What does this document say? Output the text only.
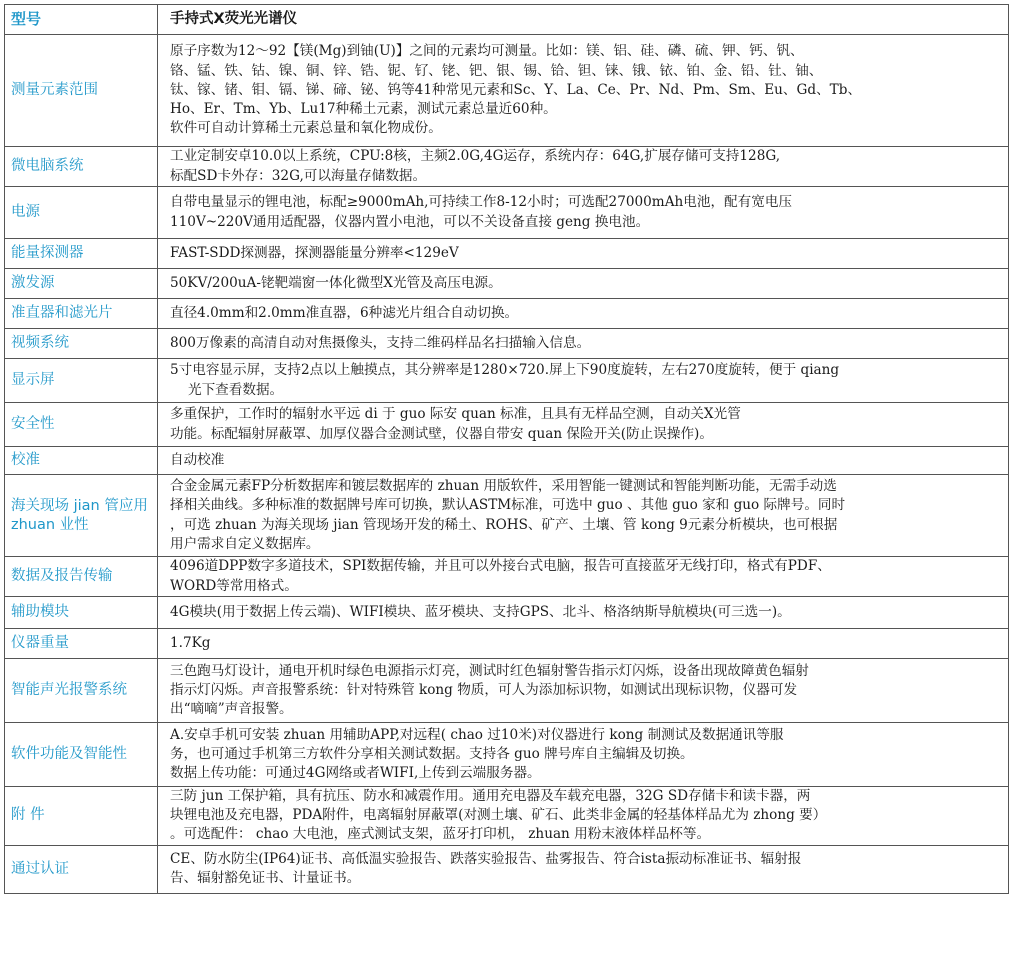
型号	手持式X荧光光谱仪
测量元素范围	原子序数为12～92【镁(Mg)到铀(U)】之间的元素均可测量。比如：镁、铝、硅、磷、硫、钾、钙、钒、
铬、锰、铁、钴、镍、铜、锌、锆、铌、钌、铑、钯、银、锡、铪、钽、铼、锇、铱、铂、金、铅、钍、铀、
钛、镓、锗、钼、镉、锑、碲、铋、钨等41种常见元素和Sc、Y、La、Ce、Pr、Nd、Pm、Sm、Eu、Gd、Tb、
Ho、Er、Tm、Yb、Lu17种稀土元素，测试元素总量近60种。
软件可自动计算稀土元素总量和氧化物成份。

微电脑系统	工业定制安卓10.0以上系统，CPU:8核，主频2.0G,4G运存，系统内存：64G,扩展存储可支持128G,
标配SD卡外存：32G,可以海量存储数据。

电源	自带电量显示的锂电池，标配≥9000mAh,可持续工作8-12小时；可选配27000mAh电池，配有宽电压
110V~220V通用适配器，仪器内置小电池，可以不关设备直接 geng 换电池。

能量探测器	FAST-SDD探测器，探测器能量分辨率<129eV

激发源	50KV/200uA-铑靶端窗一体化微型X光管及高压电源。

准直器和滤光片	直径4.0mm和2.0mm准直器，6种滤光片组合自动切换。

视频系统	800万像素的高清自动对焦摄像头，支持二维码样品名扫描输入信息。

显示屏	5寸电容显示屏，支持2点以上触摸点，其分辨率是1280×720.屏上下90度旋转，左右270度旋转，便于 qiang
光下查看数据。

安全性	多重保护，工作时的辐射水平远 di 于 guo 际安 quan 标准，且具有无样品空测，自动关X光管
功能。标配辐射屏蔽罩、加厚仪器合金测试壁，仪器自带安 quan 保险开关(防止误操作)。

校准	自动校准

海关现场 jian 管应用 zhuan 业性	合金金属元素FP分析数据库和镀层数据库的 zhuan 用版软件，采用智能一键测试和智能判断功能，无需手动选
择相关曲线。多种标准的数据牌号库可切换，默认ASTM标准，可选中 guo 、其他 guo 家和 guo 际牌号。同时
，可选 zhuan 为海关现场 jian 管现场开发的稀土、ROHS、矿产、土壤、管 kong 9元素分析模块，也可根据
用户需求自定义数据库。

数据及报告传输	4096道DPP数字多道技术，SPI数据传输，并且可以外接台式电脑，报告可直接蓝牙无线打印，格式有PDF、
WORD等常用格式。

辅助模块	4G模块(用于数据上传云端)、WIFI模块、蓝牙模块、支持GPS、北斗、格洛纳斯导航模块(可三选一)。

仪器重量	1.7Kg

智能声光报警系统	三色跑马灯设计，通电开机时绿色电源指示灯亮，测试时红色辐射警告指示灯闪烁，设备出现故障黄色辐射
指示灯闪烁。声音报警系统：针对特殊管 kong 物质，可人为添加标识物，如测试出现标识物，仪器可发
出“嘀嘀”声音报警。

软件功能及智能性	A.安卓手机可安装 zhuan 用辅助APP,对远程( chao 过10米)对仪器进行 kong 制测试及数据通讯等服
务，也可通过手机第三方软件分享相关测试数据。支持各 guo 牌号库自主编辑及切换。
数据上传功能：可通过4G网络或者WIFI,上传到云端服务器。

附 件	三防 jun 工保护箱，具有抗压、防水和减震作用。通用充电器及车载充电器，32G SD存储卡和读卡器，两
块锂电池及充电器，PDA附件，电离辐射屏蔽罩(对测土壤、矿石、此类非金属的轻基体样品尤为 zhong 要）
。可选配件： chao 大电池，座式测试支架，蓝牙打印机， zhuan 用粉末液体样品杯等。

通过认证	CE、防水防尘(IP64)证书、高低温实验报告、跌落实验报告、盐雾报告、符合ista振动标准证书、辐射报
告、辐射豁免证书、计量证书。
